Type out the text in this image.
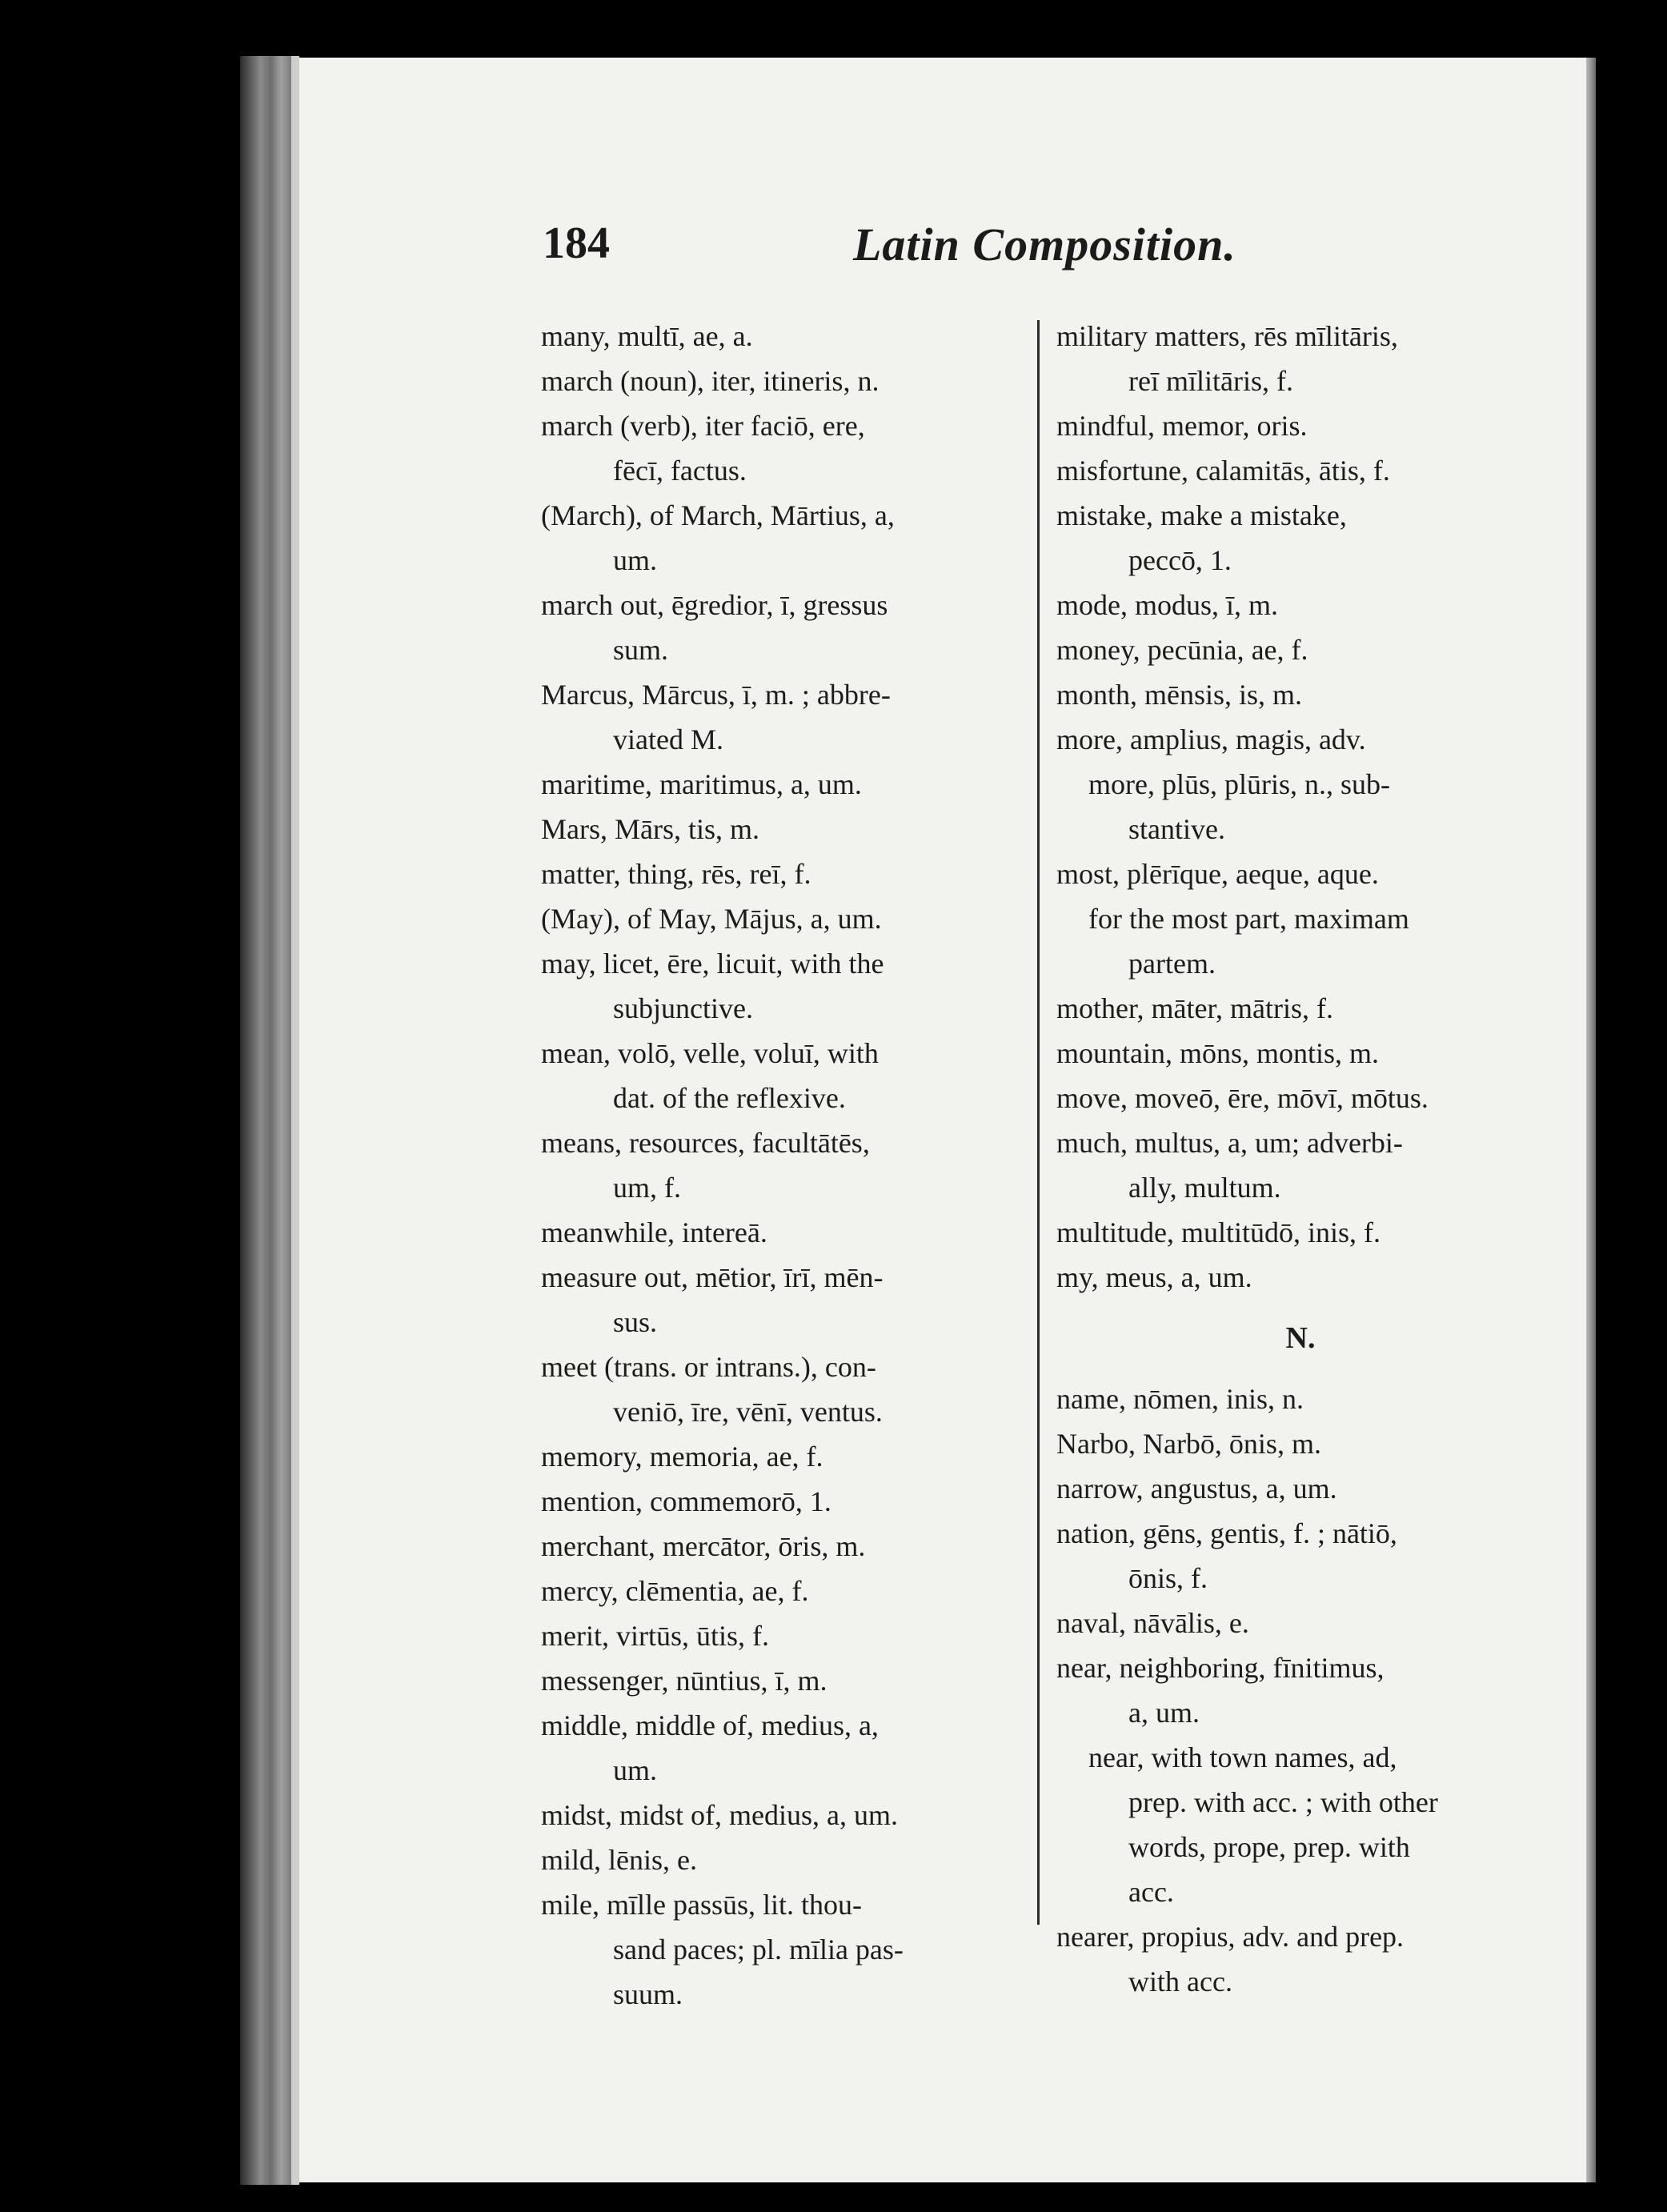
184	Latin Composition.
many, multī, ae, a.
march (noun), iter, itineris, n.
march (verb), iter faciō, ere,
fēcī, factus.
(March), of March, Mārtius, a,
um.
march out, ēgredior, ī, gressus
sum.
Marcus, Mārcus, ī, m. ; abbre-
viated M.
maritime, maritimus, a, um.
Mars, Mārs, tis, m.
matter, thing, rēs, reī, f.
(May), of May, Mājus, a, um.
may, licet, ēre, licuit, with the
subjunctive.
mean, volō, velle, voluī, with
dat. of the reflexive.
means, resources, facultātēs,
um, f.
meanwhile, intereā.
measure out, mētior, īrī, mēn-
sus.
meet (trans. or intrans.), con-
veniō, īre, vēnī, ventus.
memory, memoria, ae, f.
mention, commemorō, 1.
merchant, mercātor, ōris, m.
mercy, clēmentia, ae, f.
merit, virtūs, ūtis, f.
messenger, nūntius, ī, m.
middle, middle of, medius, a,
um.
midst, midst of, medius, a, um.
mild, lēnis, e.
mile, mīlle passūs, lit. thou-
sand paces; pl. mīlia pas-
suum.
military matters, rēs mīlitāris,
reī mīlitāris, f.
mindful, memor, oris.
misfortune, calamitās, ātis, f.
mistake, make a mistake,
peccō, 1.
mode, modus, ī, m.
money, pecūnia, ae, f.
month, mēnsis, is, m.
more, amplius, magis, adv.
more, plūs, plūris, n., sub-
stantive.
most, plērīque, aeque, aque.
for the most part, maximam
partem.
mother, māter, mātris, f.
mountain, mōns, montis, m.
move, moveō, ēre, mōvī, mōtus.
much, multus, a, um; adverbi-
ally, multum.
multitude, multitūdō, inis, f.
my, meus, a, um.
N.
name, nōmen, inis, n.
Narbo, Narbō, ōnis, m.
narrow, angustus, a, um.
nation, gēns, gentis, f. ; nātiō,
ōnis, f.
naval, nāvālis, e.
near, neighboring, fīnitimus,
a, um.
near, with town names, ad,
prep. with acc. ; with other
words, prope, prep. with
acc.
nearer, propius, adv. and prep.
with acc.
